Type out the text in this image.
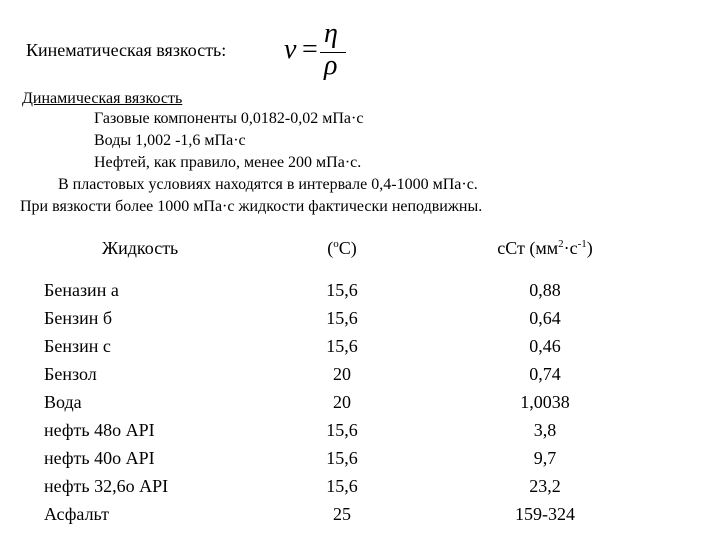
Кинематическая вязкость: ν =
η
ρ
Динамическая вязкость
Газовые компоненты 0,0182-0,02 мПа·с
Воды 1,002 -1,6 мПа·с
Нефтей, как правило, менее 200 мПа·с.
В пластовых условиях находятся в интервале 0,4-1000 мПа·с.
При вязкости более 1000 мПа·с жидкости фактически неподвижны.
Жидкость	($^o$C)	сСт $(мм^2\cdot с^{-1})$
Беназин а	15,6	0,88
Бензин б	15,6	0,64
Бензин с	15,6	0,46
Бензол	20	0,74
Вода	20	1,0038
нефть 48о API	15,6	3,8
нефть 40о API	15,6	9,7
нефть 32,6о API	15,6	23,2
Асфальт	25	159-324
